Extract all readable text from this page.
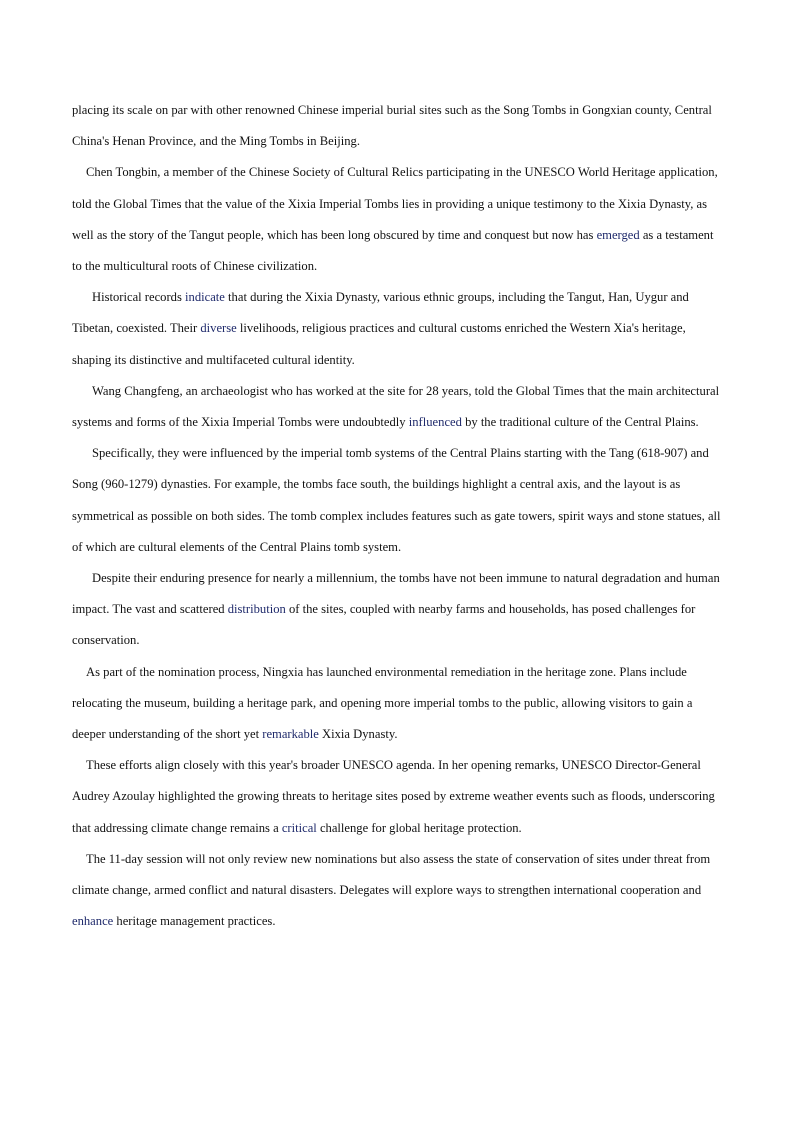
placing its scale on par with other renowned Chinese imperial burial sites such as the Song Tombs in Gongxian county, Central China's Henan Province, and the Ming Tombs in Beijing.

Chen Tongbin, a member of the Chinese Society of Cultural Relics participating in the UNESCO World Heritage application, told the Global Times that the value of the Xixia Imperial Tombs lies in providing a unique testimony to the Xixia Dynasty, as well as the story of the Tangut people, which has been long obscured by time and conquest but now has emerged as a testament to the multicultural roots of Chinese civilization.

Historical records indicate that during the Xixia Dynasty, various ethnic groups, including the Tangut, Han, Uygur and Tibetan, coexisted. Their diverse livelihoods, religious practices and cultural customs enriched the Western Xia's heritage, shaping its distinctive and multifaceted cultural identity.

Wang Changfeng, an archaeologist who has worked at the site for 28 years, told the Global Times that the main architectural systems and forms of the Xixia Imperial Tombs were undoubtedly influenced by the traditional culture of the Central Plains.

Specifically, they were influenced by the imperial tomb systems of the Central Plains starting with the Tang (618-907) and Song (960-1279) dynasties. For example, the tombs face south, the buildings highlight a central axis, and the layout is as symmetrical as possible on both sides. The tomb complex includes features such as gate towers, spirit ways and stone statues, all of which are cultural elements of the Central Plains tomb system.

Despite their enduring presence for nearly a millennium, the tombs have not been immune to natural degradation and human impact. The vast and scattered distribution of the sites, coupled with nearby farms and households, has posed challenges for conservation.

As part of the nomination process, Ningxia has launched environmental remediation in the heritage zone. Plans include relocating the museum, building a heritage park, and opening more imperial tombs to the public, allowing visitors to gain a deeper understanding of the short yet remarkable Xixia Dynasty.

These efforts align closely with this year's broader UNESCO agenda. In her opening remarks, UNESCO Director-General Audrey Azoulay highlighted the growing threats to heritage sites posed by extreme weather events such as floods, underscoring that addressing climate change remains a critical challenge for global heritage protection.

The 11-day session will not only review new nominations but also assess the state of conservation of sites under threat from climate change, armed conflict and natural disasters. Delegates will explore ways to strengthen international cooperation and enhance heritage management practices.
